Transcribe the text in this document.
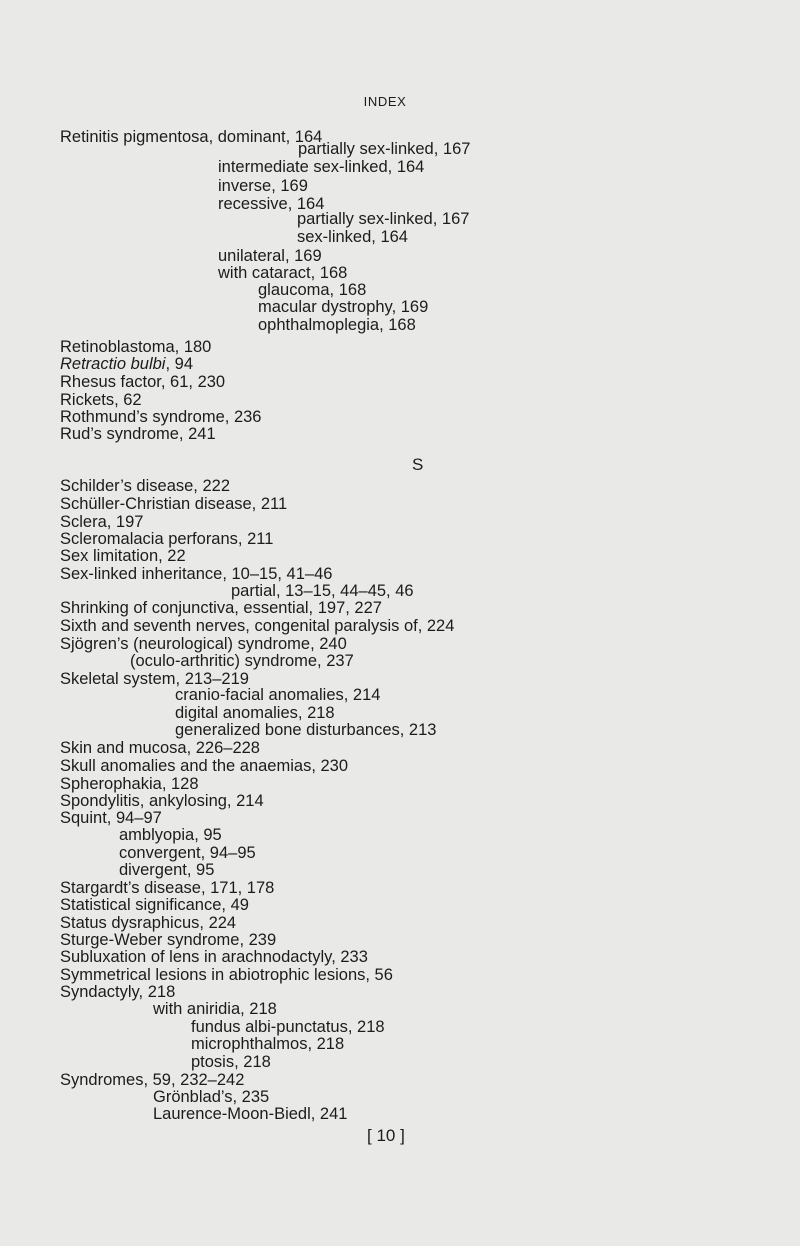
INDEX
Retinitis pigmentosa, dominant, 164
partially sex-linked, 167
intermediate sex-linked, 164
inverse, 169
recessive, 164
partially sex-linked, 167
sex-linked, 164
unilateral, 169
with cataract, 168
glaucoma, 168
macular dystrophy, 169
ophthalmoplegia, 168
Retinoblastoma, 180
Retractio bulbi, 94
Rhesus factor, 61, 230
Rickets, 62
Rothmund’s syndrome, 236
Rud’s syndrome, 241
S
Schilder’s disease, 222
Schüller-Christian disease, 211
Sclera, 197
Scleromalacia perforans, 211
Sex limitation, 22
Sex-linked inheritance, 10–15, 41–46
partial, 13–15, 44–45, 46
Shrinking of conjunctiva, essential, 197, 227
Sixth and seventh nerves, congenital paralysis of, 224
Sjögren’s (neurological) syndrome, 240
(oculo-arthritic) syndrome, 237
Skeletal system, 213–219
cranio-facial anomalies, 214
digital anomalies, 218
generalized bone disturbances, 213
Skin and mucosa, 226–228
Skull anomalies and the anaemias, 230
Spherophakia, 128
Spondylitis, ankylosing, 214
Squint, 94–97
amblyopia, 95
convergent, 94–95
divergent, 95
Stargardt’s disease, 171, 178
Statistical significance, 49
Status dysraphicus, 224
Sturge-Weber syndrome, 239
Subluxation of lens in arachnodactyly, 233
Symmetrical lesions in abiotrophic lesions, 56
Syndactyly, 218
with aniridia, 218
fundus albi-punctatus, 218
microphthalmos, 218
ptosis, 218
Syndromes, 59, 232–242
Grönblad’s, 235
Laurence-Moon-Biedl, 241
[ 10 ]
